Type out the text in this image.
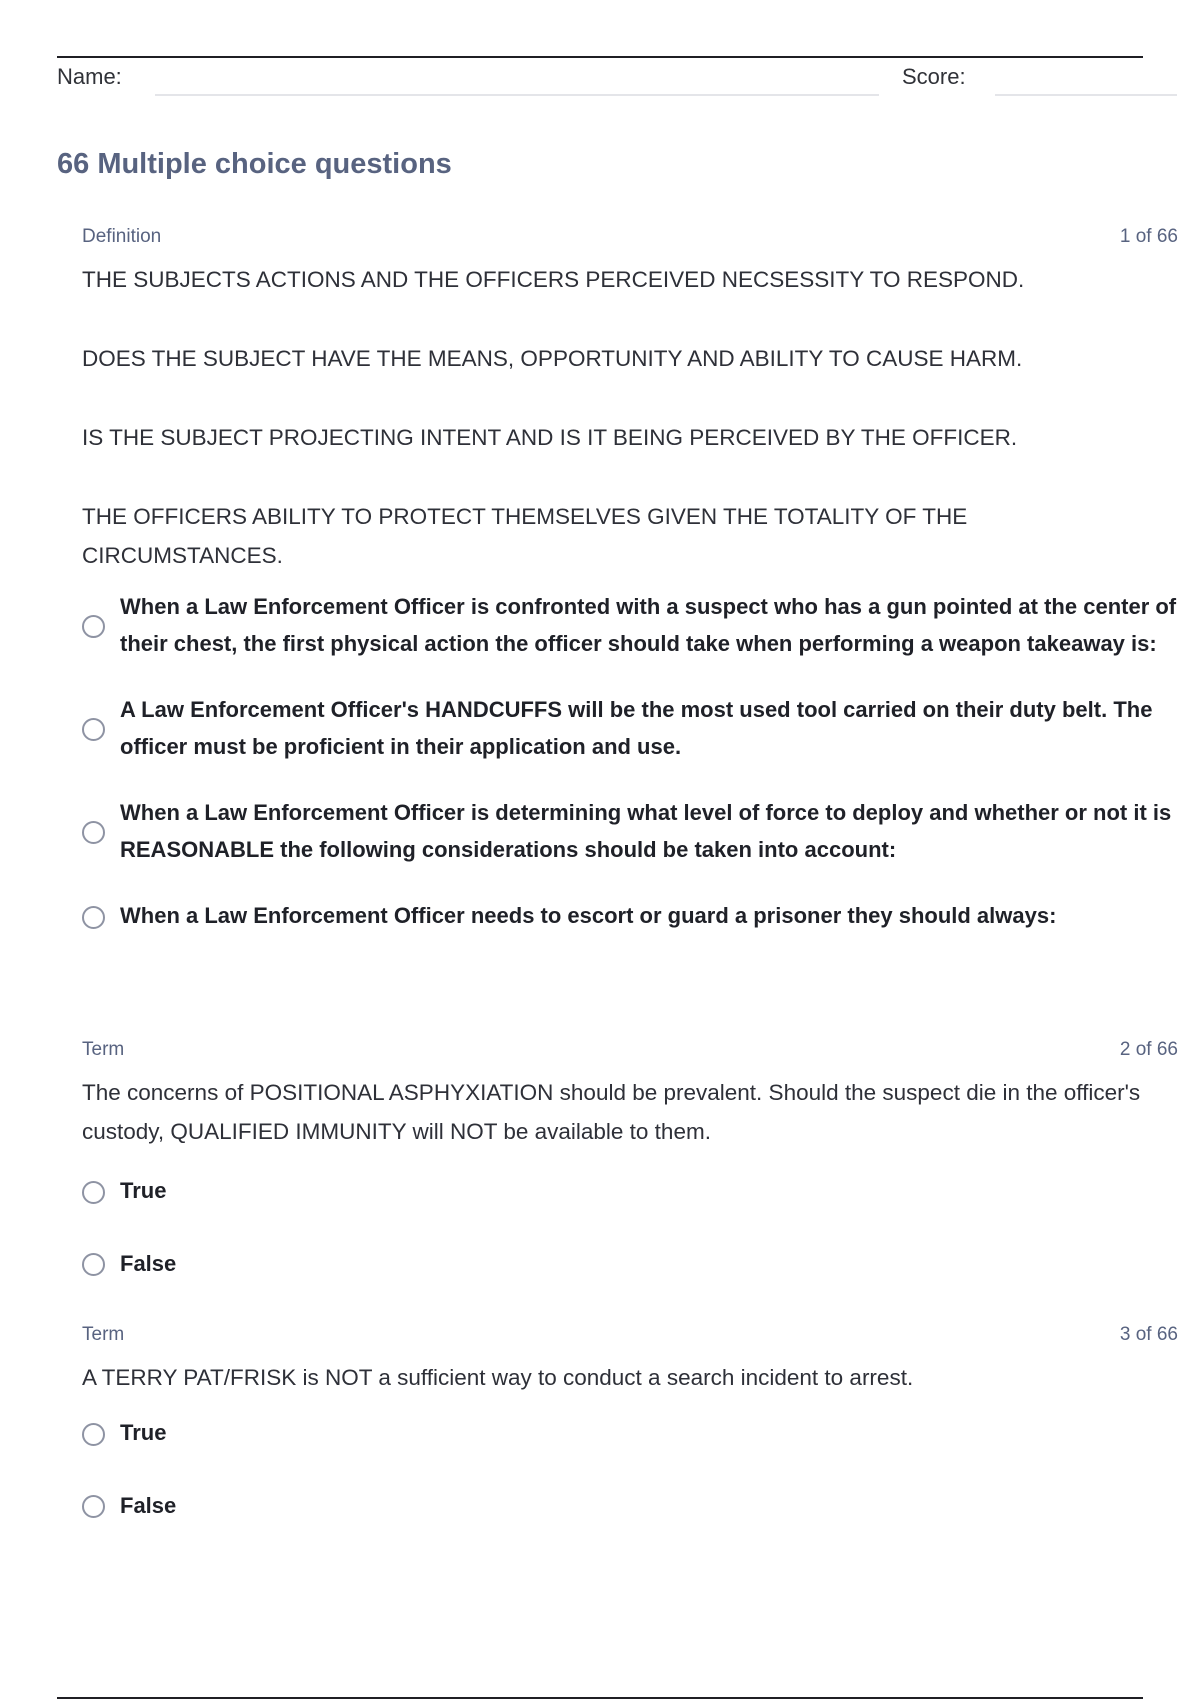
Name:	Score:
66 Multiple choice questions
Definition	1 of 66

THE SUBJECTS ACTIONS AND THE OFFICERS PERCEIVED NECSESSITY TO RESPOND.

DOES THE SUBJECT HAVE THE MEANS, OPPORTUNITY AND ABILITY TO CAUSE HARM.

IS THE SUBJECT PROJECTING INTENT AND IS IT BEING PERCEIVED BY THE OFFICER.

THE OFFICERS ABILITY TO PROTECT THEMSELVES GIVEN THE TOTALITY OF THE CIRCUMSTANCES.

When a Law Enforcement Officer is confronted with a suspect who has a gun pointed at the center of their chest, the first physical action the officer should take when performing a weapon takeaway is:
A Law Enforcement Officer's HANDCUFFS will be the most used tool carried on their duty belt. The officer must be proficient in their application and use.
When a Law Enforcement Officer is determining what level of force to deploy and whether or not it is REASONABLE the following considerations should be taken into account:
When a Law Enforcement Officer needs to escort or guard a prisoner they should always:
Term	2 of 66

The concerns of POSITIONAL ASPHYXIATION should be prevalent. Should the suspect die in the officer's custody, QUALIFIED IMMUNITY will NOT be available to them.

True
False
Term	3 of 66

A TERRY PAT/FRISK is NOT a sufficient way to conduct a search incident to arrest.

True
False
